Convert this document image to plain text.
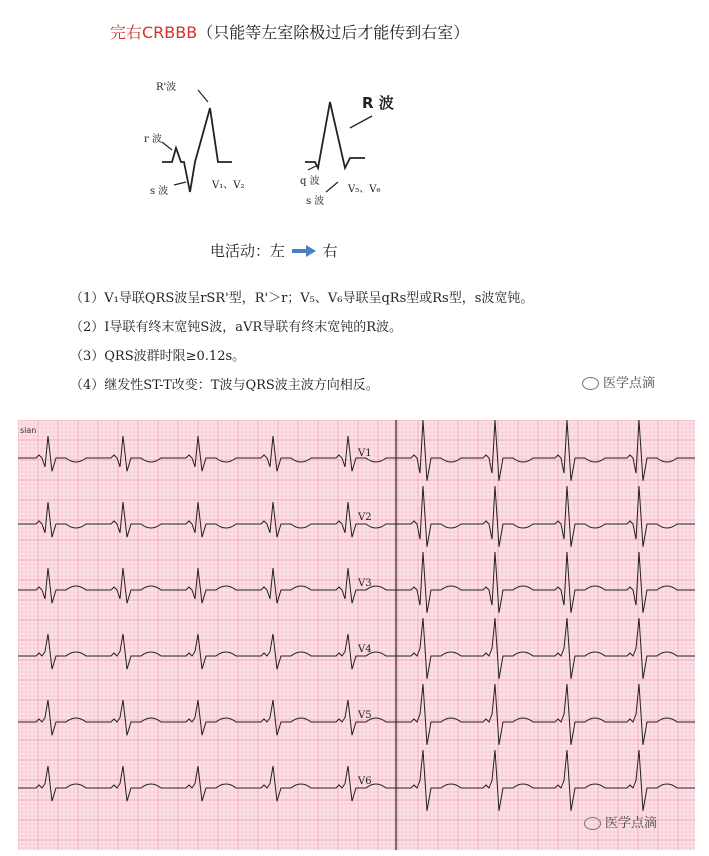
完右CRBBB（只能等左室除极过后才能传到右室）
R'波
r 波
s 波
V₁、V₂
R 波
q 波
s 波
V₅、V₆
电活动：左	右
（1）V₁导联QRS波呈rSR'型，R'＞r；V₅、V₆导联呈qRs型或Rs型，s波宽钝。
（2）Ⅰ导联有终末宽钝S波，aVR导联有终末宽钝的R波。
（3）QRS波群时限≥0.12s。
（4）继发性ST-T改变：T波与QRS波主波方向相反。	医学点滴
sian
V1
V2
V3
V4
V5
V6
医学点滴
